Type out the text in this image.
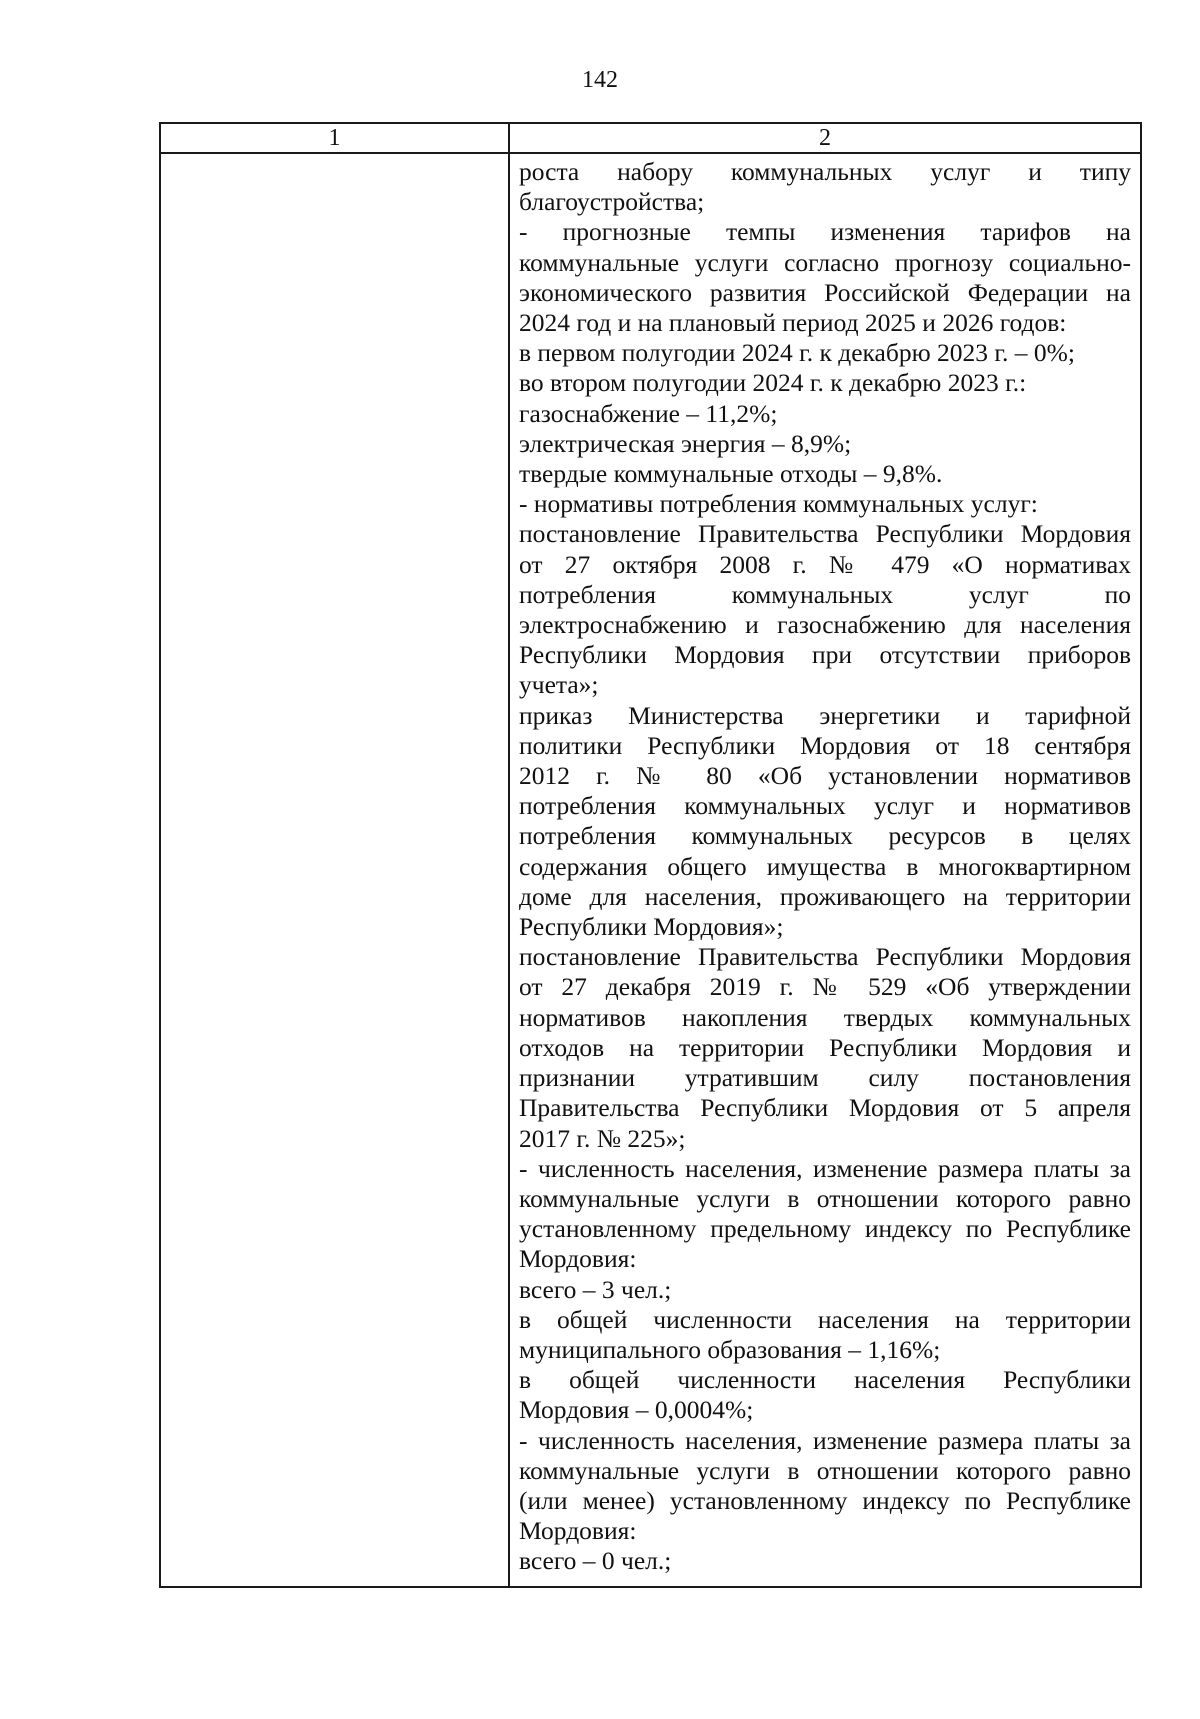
142
1	2
роста набору коммунальных услуг и типу
благоустройства;
- прогнозные темпы изменения тарифов на
коммунальные услуги согласно прогнозу социально-
экономического развития Российской Федерации на
2024 год и на плановый период 2025 и 2026 годов:
в первом полугодии 2024 г. к декабрю 2023 г. – 0%;
во втором полугодии 2024 г. к декабрю 2023 г.:
газоснабжение – 11,2%;
электрическая энергия – 8,9%;
твердые коммунальные отходы – 9,8%.
- нормативы потребления коммунальных услуг:
постановление Правительства Республики Мордовия
от 27 октября 2008 г. № 479 «О нормативах
потребления коммунальных услуг по
электроснабжению и газоснабжению для населения
Республики Мордовия при отсутствии приборов
учета»;
приказ Министерства энергетики и тарифной
политики Республики Мордовия от 18 сентября
2012 г. № 80 «Об установлении нормативов
потребления коммунальных услуг и нормативов
потребления коммунальных ресурсов в целях
содержания общего имущества в многоквартирном
доме для населения, проживающего на территории
Республики Мордовия»;
постановление Правительства Республики Мордовия
от 27 декабря 2019 г. № 529 «Об утверждении
нормативов накопления твердых коммунальных
отходов на территории Республики Мордовия и
признании утратившим силу постановления
Правительства Республики Мордовия от 5 апреля
2017 г. № 225»;
- численность населения, изменение размера платы за
коммунальные услуги в отношении которого равно
установленному предельному индексу по Республике
Мордовия:
всего – 3 чел.;
в общей численности населения на территории
муниципального образования – 1,16%;
в общей численности населения Республики
Мордовия – 0,0004%;
- численность населения, изменение размера платы за
коммунальные услуги в отношении которого равно
(или менее) установленному индексу по Республике
Мордовия:
всего – 0 чел.;
